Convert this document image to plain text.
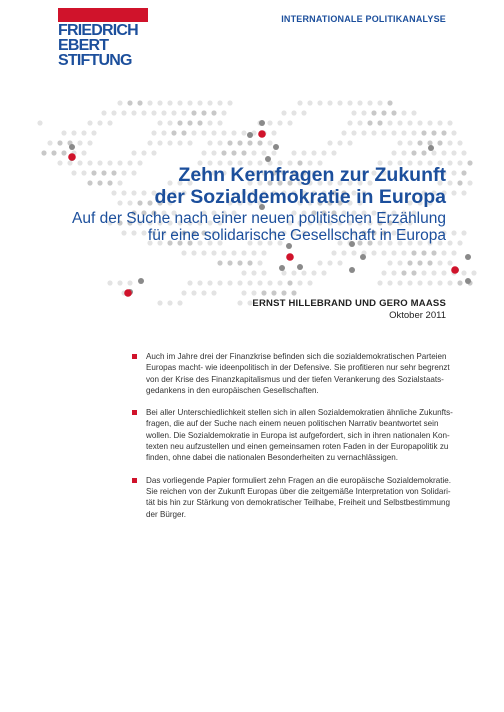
FRIEDRICH
EBERT
STIFTUNG
INTERNATIONALE POLITIKANALYSE
Zehn Kernfragen zur Zukunft
der Sozialdemokratie in Europa
Auf der Suche nach einer neuen politischen Erzählung
für eine solidarische Gesellschaft in Europa
ERNST HILLEBRAND UND GERO MAASS
Oktober 2011
Auch im Jahre drei der Finanzkrise befinden sich die sozialdemokratischen Parteien
Europas macht- wie ideenpolitisch in der Defensive. Sie profitieren nur sehr begrenzt
von der Krise des Finanzkapitalismus und der tiefen Verankerung des Sozialstaats-
gedankens in den europäischen Gesellschaften.
Bei aller Unterschiedlichkeit stellen sich in allen Sozialdemokratien ähnliche Zukunfts-
fragen, die auf der Suche nach einem neuen politischen Narrativ beantwortet sein
wollen. Die Sozialdemokratie in Europa ist aufgefordert, sich in ihren nationalen Kon-
texten neu aufzustellen und einen gemeinsamen roten Faden in der Europapolitik zu
finden, ohne dabei die nationalen Besonderheiten zu vernachlässigen.
Das vorliegende Papier formuliert zehn Fragen an die europäische Sozialdemokratie.
Sie reichen von der Zukunft Europas über die zeitgemäße Interpretation von Solidari-
tät bis hin zur Stärkung von demokratischer Teilhabe, Freiheit und Selbstbestimmung
der Bürger.
